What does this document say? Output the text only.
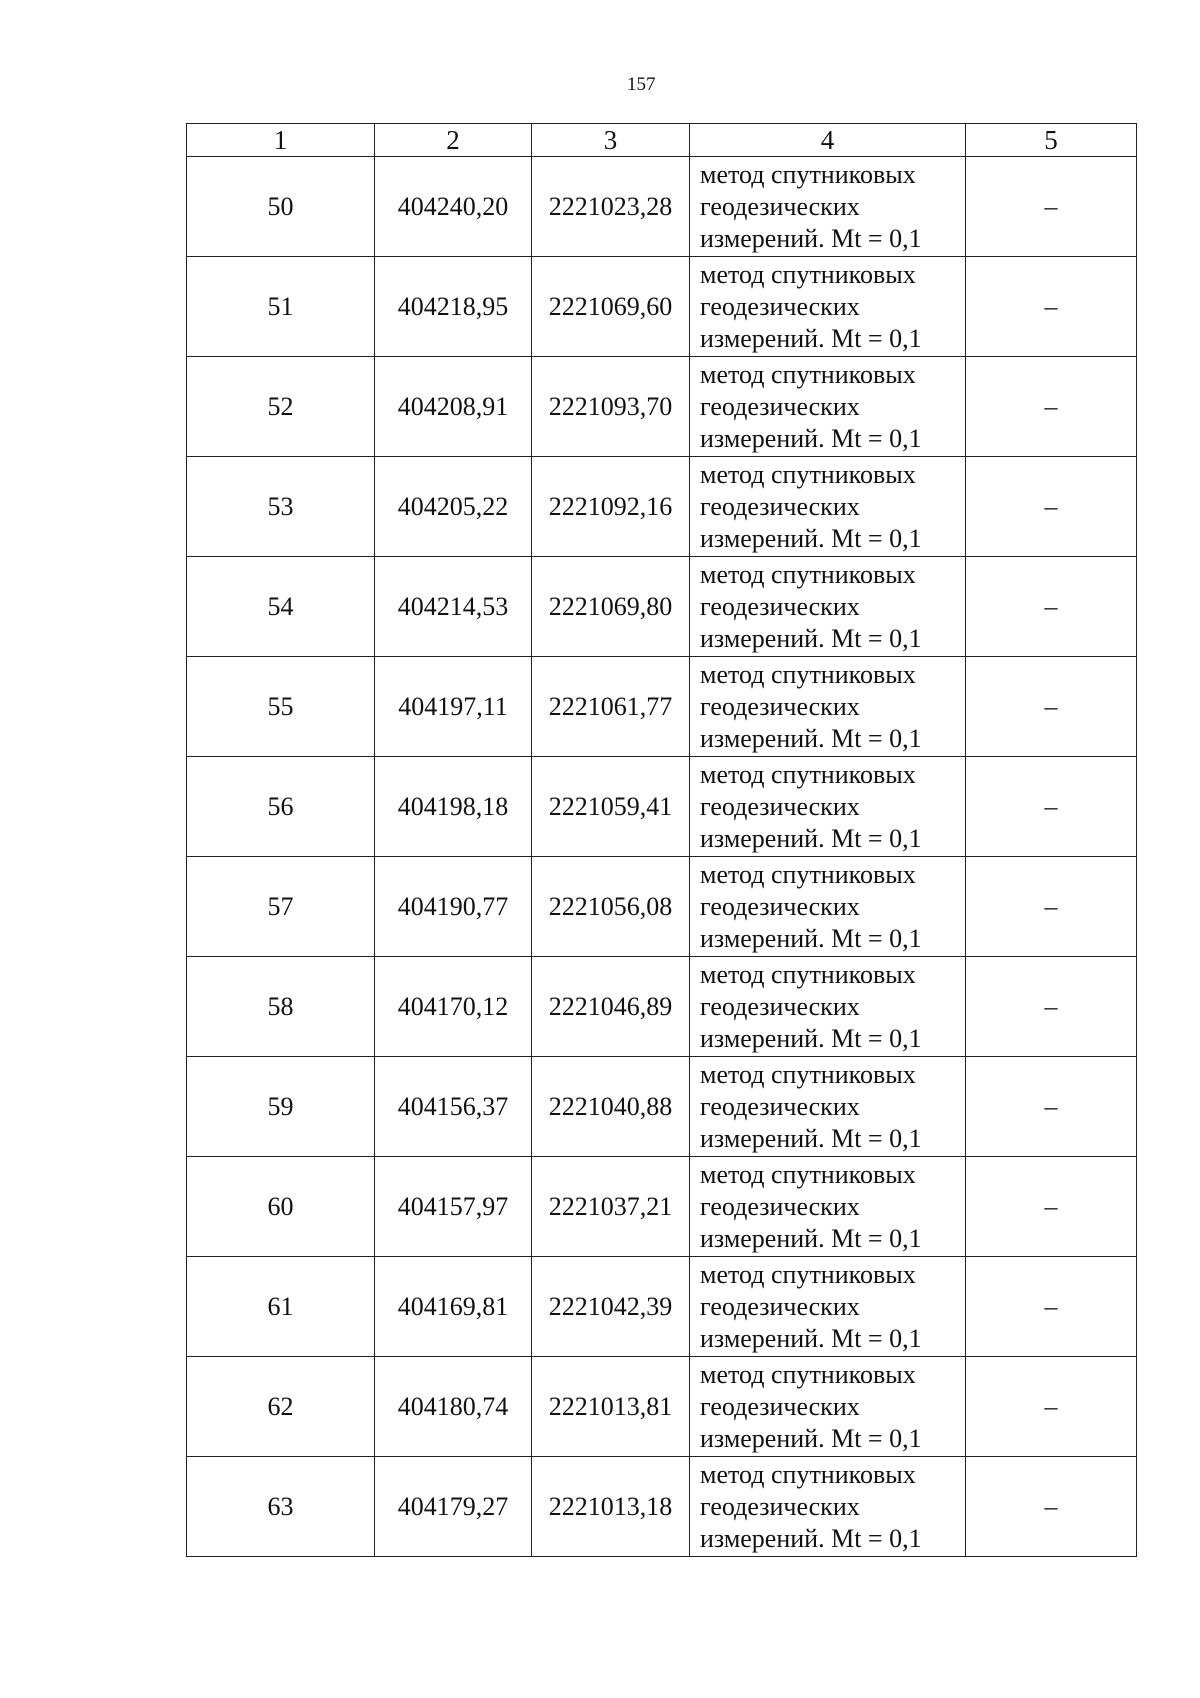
157
1	2	3	4	5
50	404240,20	2221023,28	метод спутниковых
геодезических
измерений. Mt = 0,1	–
51	404218,95	2221069,60	метод спутниковых
геодезических
измерений. Mt = 0,1	–
52	404208,91	2221093,70	метод спутниковых
геодезических
измерений. Mt = 0,1	–
53	404205,22	2221092,16	метод спутниковых
геодезических
измерений. Mt = 0,1	–
54	404214,53	2221069,80	метод спутниковых
геодезических
измерений. Mt = 0,1	–
55	404197,11	2221061,77	метод спутниковых
геодезических
измерений. Mt = 0,1	–
56	404198,18	2221059,41	метод спутниковых
геодезических
измерений. Mt = 0,1	–
57	404190,77	2221056,08	метод спутниковых
геодезических
измерений. Mt = 0,1	–
58	404170,12	2221046,89	метод спутниковых
геодезических
измерений. Mt = 0,1	–
59	404156,37	2221040,88	метод спутниковых
геодезических
измерений. Mt = 0,1	–
60	404157,97	2221037,21	метод спутниковых
геодезических
измерений. Mt = 0,1	–
61	404169,81	2221042,39	метод спутниковых
геодезических
измерений. Mt = 0,1	–
62	404180,74	2221013,81	метод спутниковых
геодезических
измерений. Mt = 0,1	–
63	404179,27	2221013,18	метод спутниковых
геодезических
измерений. Mt = 0,1	–
